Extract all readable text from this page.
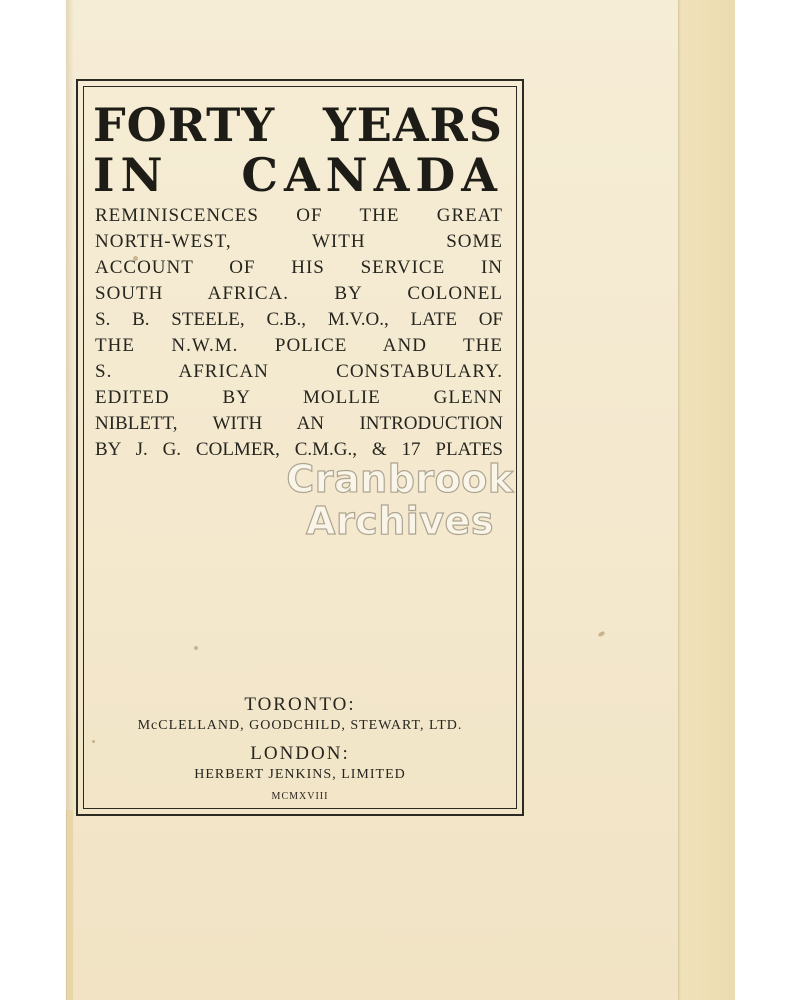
FORTY YEARS
IN CANADA

REMINISCENCES OF THE GREAT

NORTH-WEST, WITH SOME

ACCOUNT OF HIS SERVICE IN

SOUTH AFRICA. BY COLONEL

S. B. STEELE, C.B., M.V.O., LATE OF

THE N.W.M. POLICE AND THE

S. AFRICAN CONSTABULARY.

EDITED BY MOLLIE GLENN

NIBLETT, WITH AN INTRODUCTION

BY J. G. COLMER, C.M.G., & 17 PLATES

Cranbrook
Archives

TORONTO:

McCLELLAND, GOODCHILD, STEWART, LTD.

LONDON:

HERBERT JENKINS, LIMITED

MCMXVIII
